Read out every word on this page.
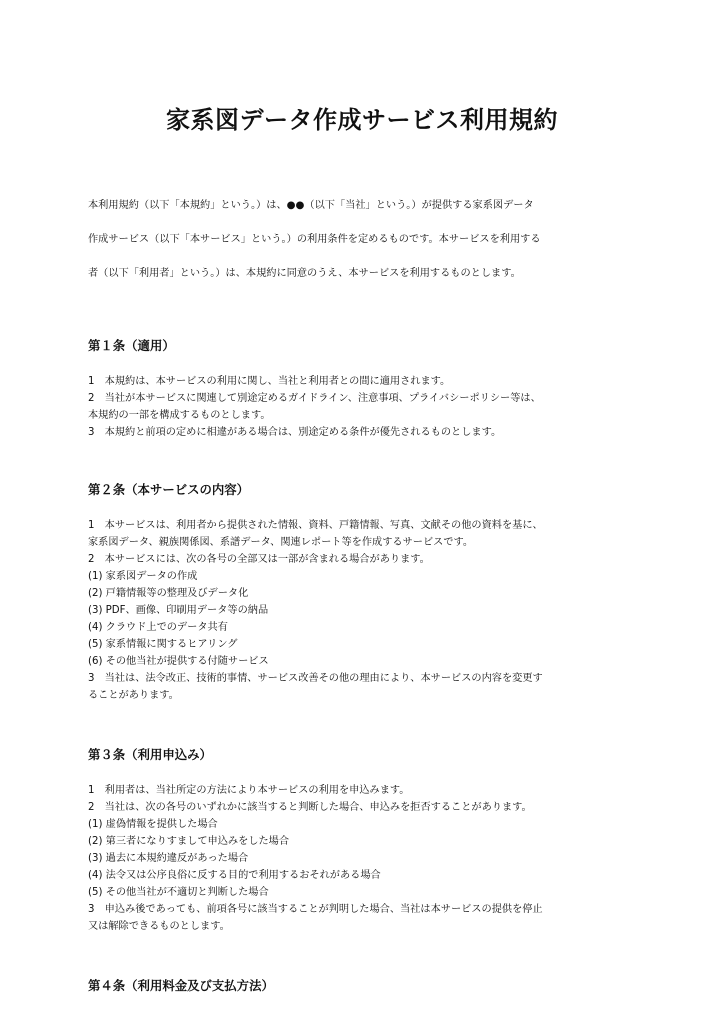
家系図データ作成サービス利用規約

本利用規約（以下「本規約」という。）は、●●（以下「当社」という。）が提供する家系図データ

作成サービス（以下「本サービス」という。）の利用条件を定めるものです。本サービスを利用する

者（以下「利用者」という。）は、本規約に同意のうえ、本サービスを利用するものとします。

第１条（適用）
1　本規約は、本サービスの利用に関し、当社と利用者との間に適用されます。
2　当社が本サービスに関連して別途定めるガイドライン、注意事項、プライバシーポリシー等は、
本規約の一部を構成するものとします。
3　本規約と前項の定めに相違がある場合は、別途定める条件が優先されるものとします。
第２条（本サービスの内容）
1　本サービスは、利用者から提供された情報、資料、戸籍情報、写真、文献その他の資料を基に、
家系図データ、親族関係図、系譜データ、関連レポート等を作成するサービスです。
2　本サービスには、次の各号の全部又は一部が含まれる場合があります。
(1) 家系図データの作成
(2) 戸籍情報等の整理及びデータ化
(3) PDF、画像、印刷用データ等の納品
(4) クラウド上でのデータ共有
(5) 家系情報に関するヒアリング
(6) その他当社が提供する付随サービス
3　当社は、法令改正、技術的事情、サービス改善その他の理由により、本サービスの内容を変更す
ることがあります。
第３条（利用申込み）
1　利用者は、当社所定の方法により本サービスの利用を申込みます。
2　当社は、次の各号のいずれかに該当すると判断した場合、申込みを拒否することがあります。
(1) 虚偽情報を提供した場合
(2) 第三者になりすまして申込みをした場合
(3) 過去に本規約違反があった場合
(4) 法令又は公序良俗に反する目的で利用するおそれがある場合
(5) その他当社が不適切と判断した場合
3　申込み後であっても、前項各号に該当することが判明した場合、当社は本サービスの提供を停止
又は解除できるものとします。
第４条（利用料金及び支払方法）
